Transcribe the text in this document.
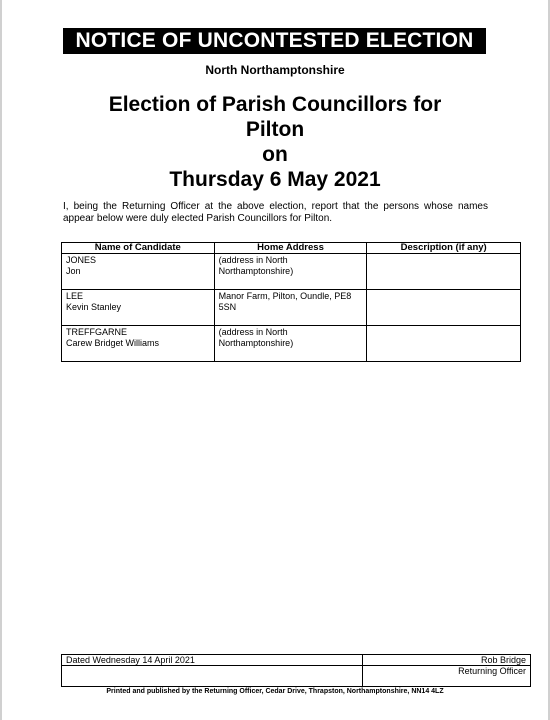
NOTICE OF UNCONTESTED ELECTION
North Northamptonshire
Election of Parish Councillors for
Pilton
on
Thursday 6 May 2021
I, being the Returning Officer at the above election, report that the persons whose names appear below were duly elected Parish Councillors for Pilton.
Name of Candidate	Home Address	Description (if any)

JONES
Jon	(address in North
Northamptonshire)	

LEE
Kevin Stanley	Manor Farm, Pilton, Oundle, PE8
5SN	

TREFFGARNE
Carew Bridget Williams	(address in North
Northamptonshire)	

Dated Wednesday 14 April 2021	Rob Bridge
	Returning Officer
Printed and published by the Returning Officer, Cedar Drive, Thrapston, Northamptonshire, NN14 4LZ
